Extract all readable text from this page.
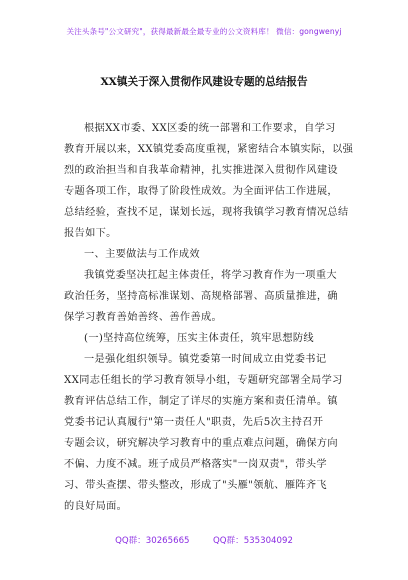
关注头条号"公文研究"，获得最新最全最专业的公文资料库！ 微信：gongwenyj
XX镇关于深入贯彻作风建设专题的总结报告
根据XX市委、XX区委的统一部署和工作要求，自学习
教育开展以来，XX镇党委高度重视，紧密结合本镇实际，以强
烈的政治担当和自我革命精神，扎实推进深入贯彻作风建设
专题各项工作，取得了阶段性成效。为全面评估工作进展，
总结经验，查找不足，谋划长远，现将我镇学习教育情况总结
报告如下。
一、主要做法与工作成效
我镇党委坚决扛起主体责任，将学习教育作为一项重大
政治任务，坚持高标准谋划、高规格部署、高质量推进，确
保学习教育善始善终、善作善成。
(一)坚持高位统筹，压实主体责任，筑牢思想防线
一是强化组织领导。镇党委第一时间成立由党委书记
XX同志任组长的学习教育领导小组，专题研究部署全局学习
教育评估总结工作，制定了详尽的实施方案和责任清单。镇
党委书记认真履行"第一责任人"职责，先后5次主持召开
专题会议，研究解决学习教育中的重点难点问题，确保方向
不偏、力度不减。班子成员严格落实"一岗双责"，带头学
习、带头查摆、带头整改，形成了"头雁"领航、雁阵齐飞
的良好局面。
QQ群：30265665	QQ群：535304092
